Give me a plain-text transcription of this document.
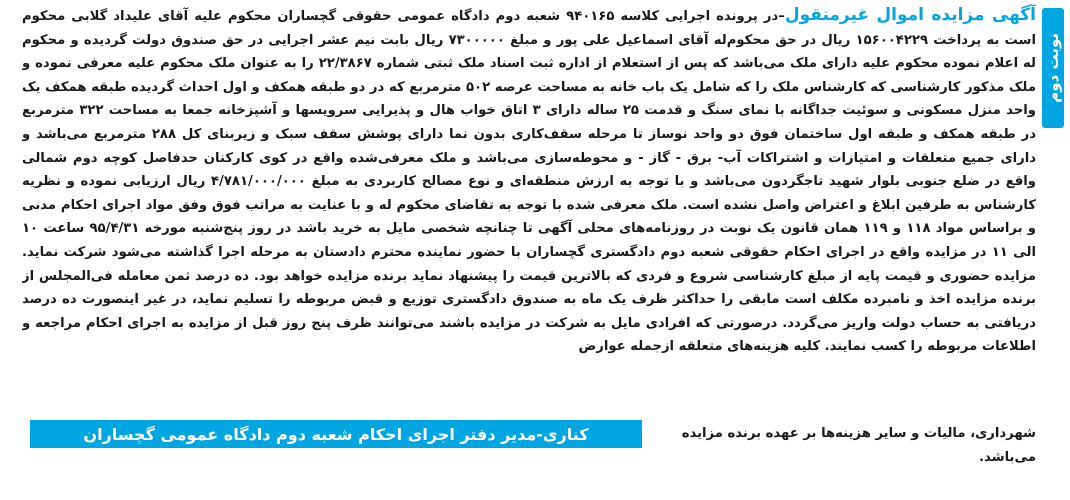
نوبت دوم
آگهی مزایده اموال غیرمنقول–در پرونده اجرایی کلاسه ۹۴۰۱۶۵ شعبه دوم دادگاه عمومی حقوقی گچساران محکوم علیه آقای علیداد گلابی محکوم است به پرداخت ۱۵۶۰۰۴۲۲۹ ریال در حق محکوم‌له آقای اسماعیل علی پور و مبلغ ۷۳۰۰۰۰۰ ریال بابت نیم عشر اجرایی در حق صندوق دولت گردیده و محکوم له اعلام نموده محکوم علیه دارای ملک می‌باشد که پس از استعلام از اداره ثبت اسناد ملک ثبتی شماره ۲۲/۳۸۶۷ را به عنوان ملک محکوم علیه معرفی نموده و ملک مذکور کارشناسی که کارشناس ملک را که شامل یک باب خانه به مساحت عرصه ۵۰۲ مترمربع که در دو طبقه همکف و اول احداث گردیده طبقه همکف یک واحد منزل مسکونی و سوئیت جداگانه با نمای سنگ و قدمت ۲۵ ساله دارای ۳ اتاق خواب هال و پذیرایی سرویسها و آشپزخانه جمعا به مساحت ۳۲۲ مترمربع در طبقه همکف و طبقه اول ساختمان فوق دو واحد نوساز تا مرحله سقف‌کاری بدون نما دارای پوشش سقف سبک و زیربنای کل ۲۸۸ مترمربع می‌باشد و دارای جمیع متعلقات و امتیازات و اشتراکات آب- برق - گاز - و محوطه‌سازی می‌باشد و ملک معرفی‌شده واقع در کوی کارکنان حدفاصل کوچه دوم شمالی واقع در ضلع جنوبی بلوار شهید تاجگردون می‌باشد و با توجه به ارزش منطقه‌ای و نوع مصالح کاربردی به مبلغ ۴/۷۸۱/۰۰۰/۰۰۰ ریال ارزیابی نموده و نظریه کارشناس به طرفین ابلاغ و اعتراض واصل نشده است. ملک معرفی شده با توجه به تقاضای محکوم له و با عنایت به مراتب فوق وفق مواد اجرای احکام مدنی و براساس مواد ۱۱۸ و ۱۱۹ همان قانون یک نوبت در روزنامه‌های محلی آگهی تا چنانچه شخصی مایل به خرید باشد در روز پنج‌شنبه مورخه ۹۵/۴/۳۱ ساعت ۱۰ الی ۱۱ در مزایده واقع در اجرای احکام حقوقی شعبه دوم دادگستری گچساران با حضور نماینده محترم دادستان به مرحله اجرا گذاشته می‌شود شرکت نماید. مزایده حضوری و قیمت پایه از مبلغ کارشناسی شروع و فردی که بالاترین قیمت را پیشنهاد نماید برنده مزایده خواهد بود. ده درصد ثمن معامله فی‌المجلس از برنده مزایده اخذ و نامبرده مکلف است مابقی را حداکثر ظرف یک ماه به صندوق دادگستری توزیع و قبض مربوطه را تسلیم نماید، در غیر اینصورت ده درصد دریافتی به حساب دولت واریز می‌گردد. درصورتی که افرادی مایل به شرکت در مزایده باشند می‌توانند ظرف پنج روز قبل از مزایده به اجرای احکام مراجعه و اطلاعات مربوطه را کسب نمایند. کلیه هزینه‌های متعلقه ازجمله عوارض
شهرداری، مالیات و سایر هزینه‌ها بر عهده برنده مزایده می‌باشد.
کناری-مدیر دفتر اجرای احکام شعبه دوم دادگاه عمومی گچساران
